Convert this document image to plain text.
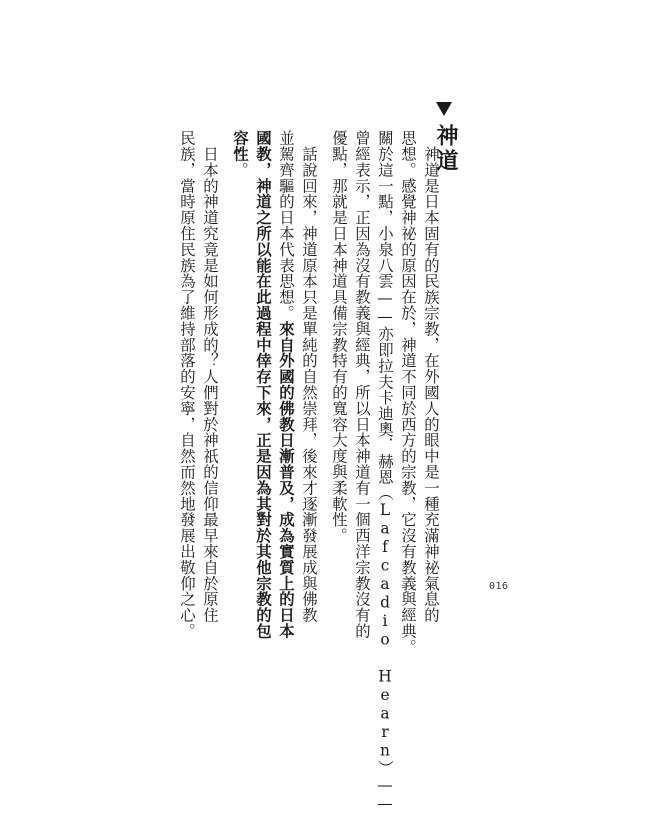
神道
　神道是日本固有的民族宗教，在外國人的眼中是一種充滿神祕氣息的
思想。感覺神祕的原因在於，神道不同於西方的宗教，它沒有教義與經典。
關於這一點，小泉八雲——亦即拉夫卡迪奧．赫恩（Lafcadio Hearn）——
曾經表示，正因為沒有教義與經典，所以日本神道有一個西洋宗教沒有的
優點，那就是日本神道具備宗教特有的寬容大度與柔軟性。
　話說回來，神道原本只是單純的自然崇拜，後來才逐漸發展成與佛教
並駕齊驅的日本代表思想。來自外國的佛教日漸普及，成為實質上的日本
國教，神道之所以能在此過程中倖存下來，正是因為其對於其他宗教的包
容性。
　日本的神道究竟是如何形成的？人們對於神祇的信仰最早來自於原住
民族，當時原住民族為了維持部落的安寧，自然而然地發展出敬仰之心。	016
